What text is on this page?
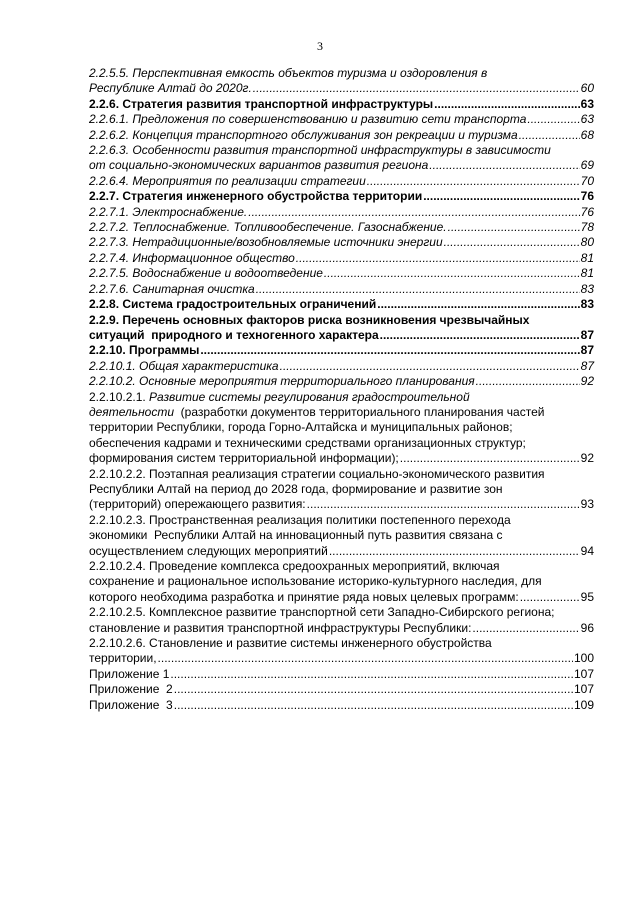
3
2.2.5.5. Перспективная емкость объектов туризма и оздоровления в
Республике Алтай до 2020г. .....	60
2.2.6. Стратегия развития транспортной инфраструктуры .....	63
2.2.6.1. Предложения по совершенствованию и развитию сети транспорта .....	63
2.2.6.2. Концепция транспортного обслуживания зон рекреации и туризма .....	68
2.2.6.3. Особенности развития транспортной инфраструктуры в зависимости
от социально-экономических вариантов развития региона .....	69
2.2.6.4. Мероприятия по реализации стратегии .....	70
2.2.7. Стратегия инженерного обустройства территории .....	76
2.2.7.1. Электроснабжение. .....	76
2.2.7.2. Теплоснабжение. Топливообеспечение. Газоснабжение. .....	78
2.2.7.3. Нетрадиционные/возобновляемые источники энергии .....	80
2.2.7.4. Информационное общество .....	81
2.2.7.5. Водоснабжение и водоотведение .....	81
2.2.7.6. Санитарная очистка .....	83
2.2.8. Система градостроительных ограничений .....	83
2.2.9. Перечень основных факторов риска возникновения чрезвычайных
ситуаций  природного и техногенного характера .....	87
2.2.10. Программы .....	87
2.2.10.1. Общая характеристика .....	87
2.2.10.2. Основные мероприятия территориального планирования .....	92
2.2.10.2.1. Развитие системы регулирования градостроительной
деятельности  (разработки документов территориального планирования частей
территории Республики, города Горно-Алтайска и муниципальных районов;
обеспечения кадрами и техническими средствами организационных структур;
формирования систем территориальной информации); .....	92
2.2.10.2.2. Поэтапная реализация стратегии социально-экономического развития
Республики Алтай на период до 2028 года, формирование и развитие зон
(территорий) опережающего развития: .....	93
2.2.10.2.3. Пространственная реализация политики постепенного перехода
экономики  Республики Алтай на инновационный путь развития связана с
осуществлением следующих мероприятий .....	94
2.2.10.2.4. Проведение комплекса средоохранных мероприятий, включая
сохранение и рациональное использование историко-культурного наследия, для
которого необходима разработка и принятие ряда новых целевых программ: .....	95
2.2.10.2.5. Комплексное развитие транспортной сети Западно-Сибирского региона;
становление и развития транспортной инфраструктуры Республики: .....	96
2.2.10.2.6. Становление и развитие системы инженерного обустройства
территории, .....	100
Приложение 1 .....	107
Приложение  2 .....	107
Приложение  3 .....	109
